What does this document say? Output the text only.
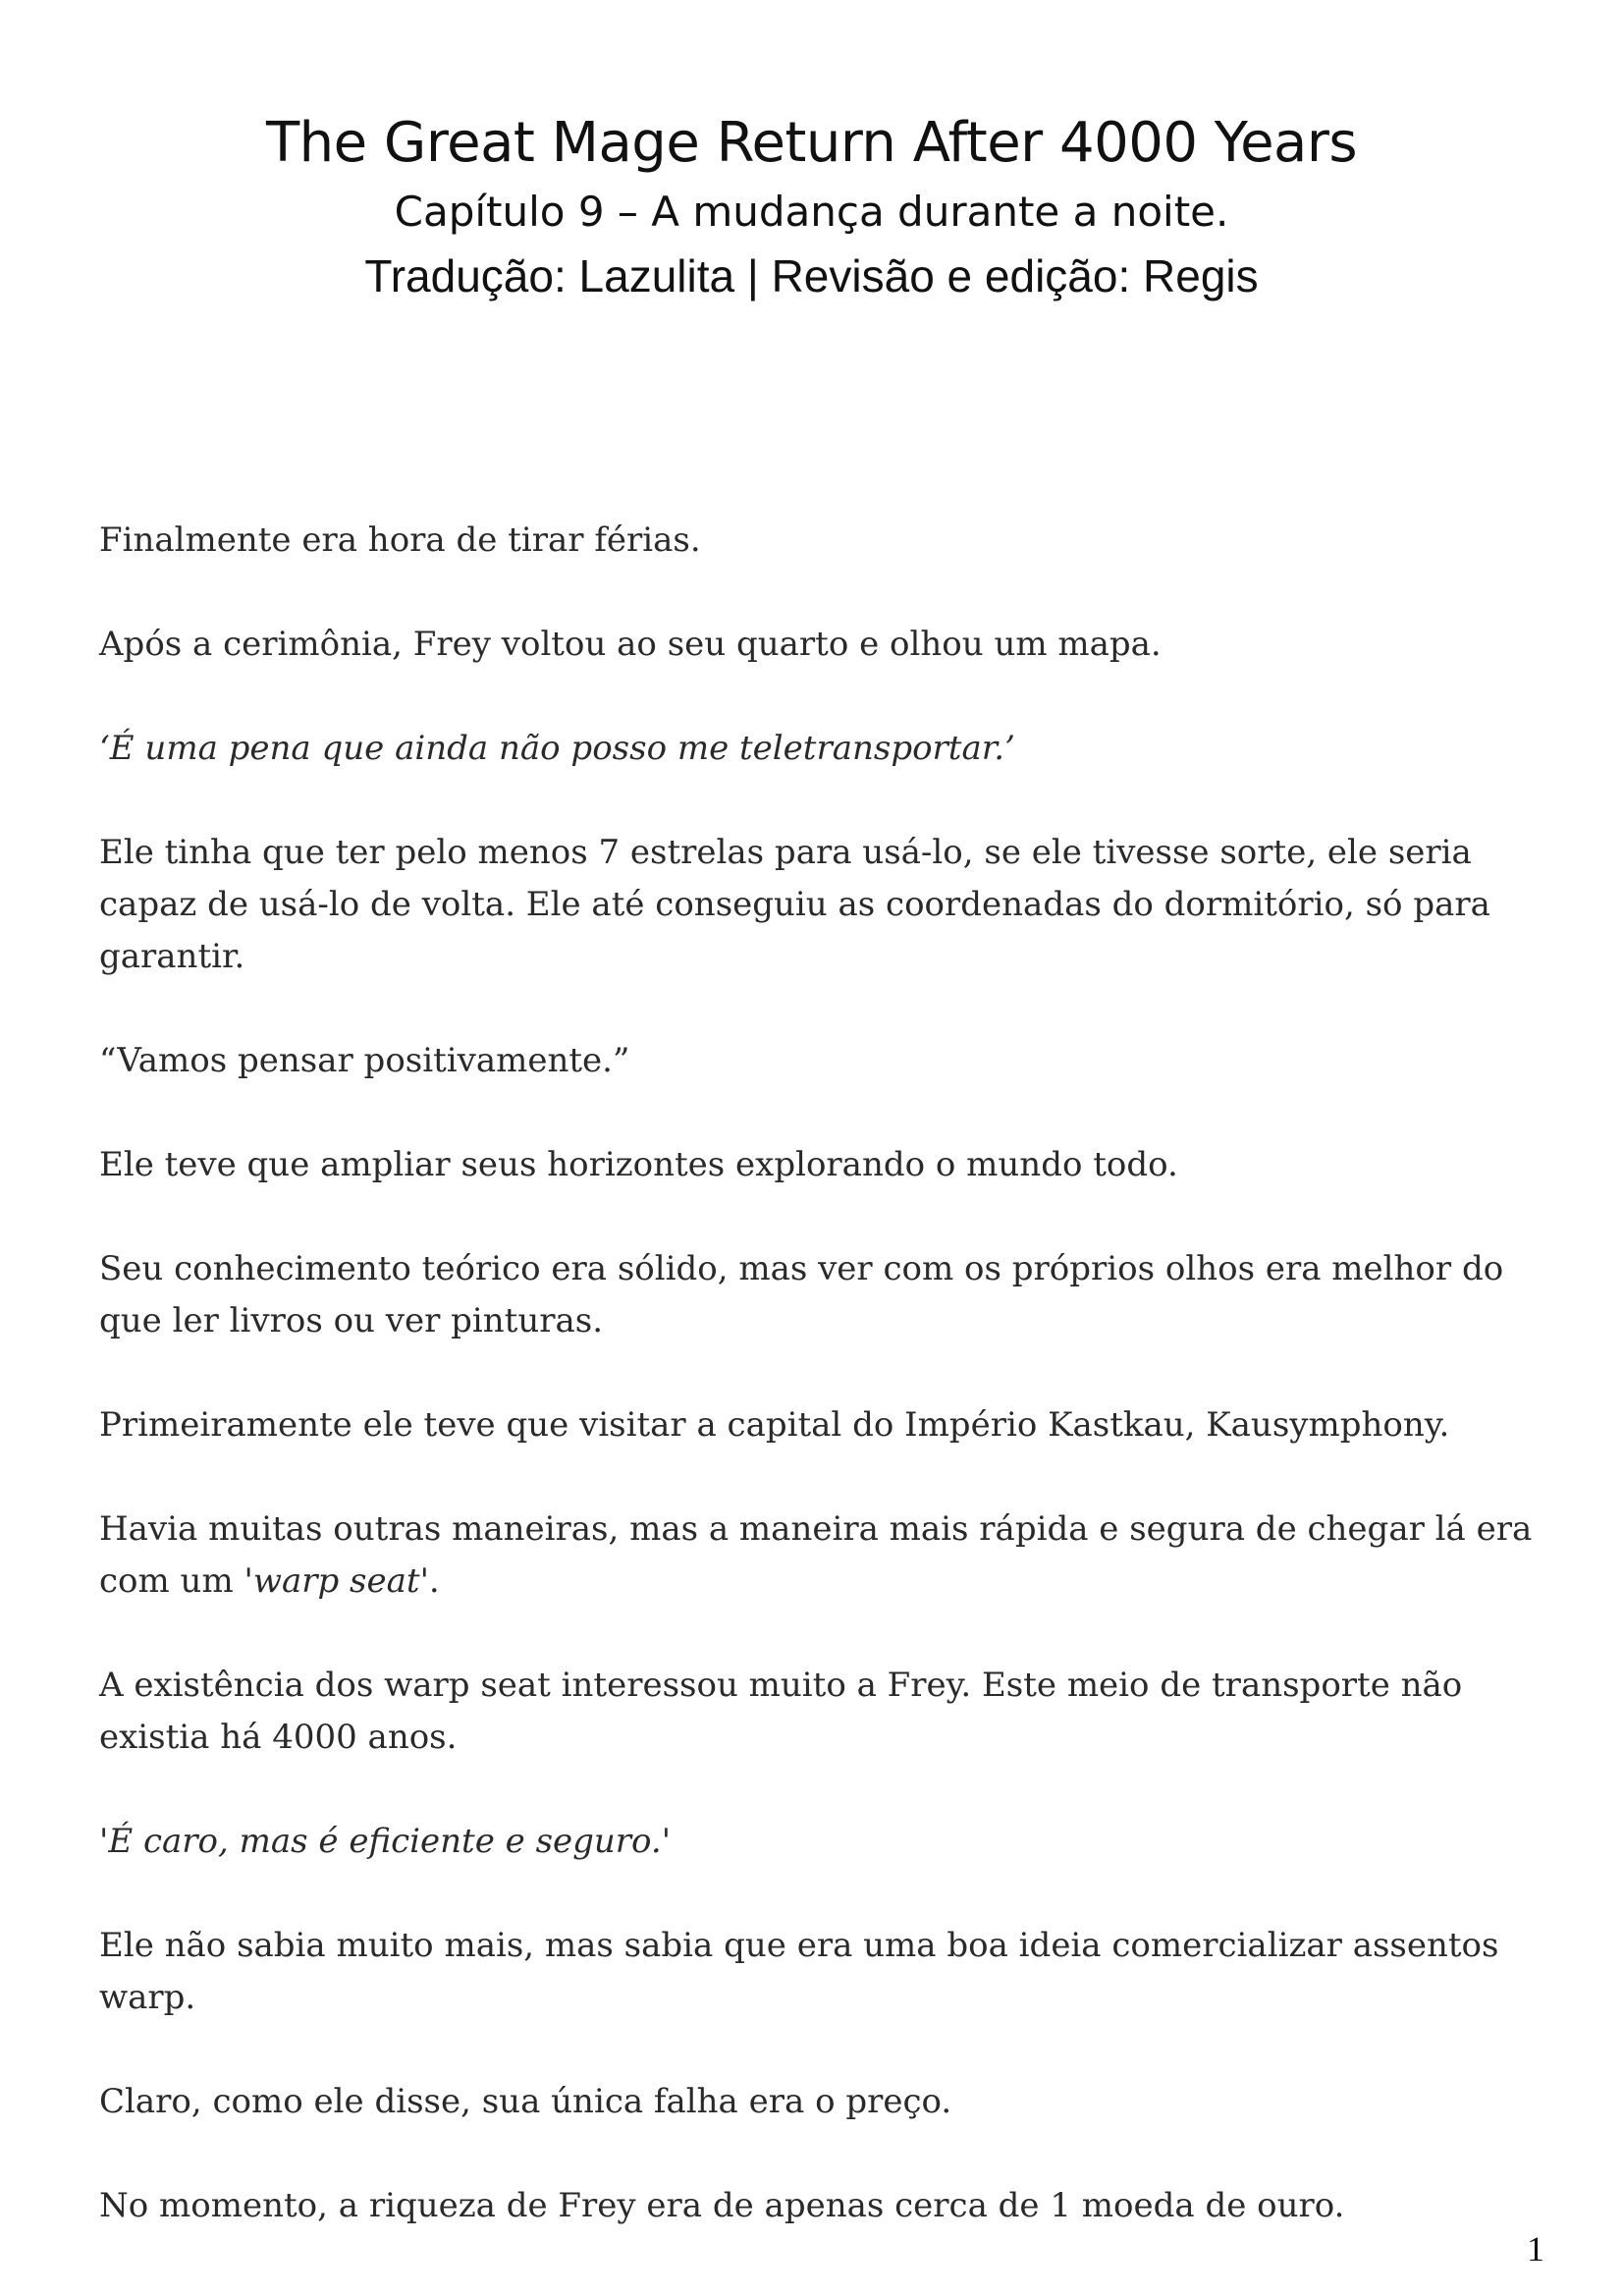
The Great Mage Return After 4000 Years
Capítulo 9 – A mudança durante a noite.
Tradução: Lazulita | Revisão e edição: Regis

Finalmente era hora de tirar férias.

Após a cerimônia, Frey voltou ao seu quarto e olhou um mapa.

‘É uma pena que ainda não posso me teletransportar.’

Ele tinha que ter pelo menos 7 estrelas para usá-lo, se ele tivesse sorte, ele seria capaz de usá-lo de volta. Ele até conseguiu as coordenadas do dormitório, só para garantir.

“Vamos pensar positivamente.”

Ele teve que ampliar seus horizontes explorando o mundo todo.

Seu conhecimento teórico era sólido, mas ver com os próprios olhos era melhor do que ler livros ou ver pinturas.

Primeiramente ele teve que visitar a capital do Império Kastkau, Kausymphony.

Havia muitas outras maneiras, mas a maneira mais rápida e segura de chegar lá era com um 'warp seat'.

A existência dos warp seat interessou muito a Frey. Este meio de transporte não existia há 4000 anos.

'É caro, mas é eficiente e seguro.'

Ele não sabia muito mais, mas sabia que era uma boa ideia comercializar assentos warp.

Claro, como ele disse, sua única falha era o preço.

No momento, a riqueza de Frey era de apenas cerca de 1 moeda de ouro.

1
